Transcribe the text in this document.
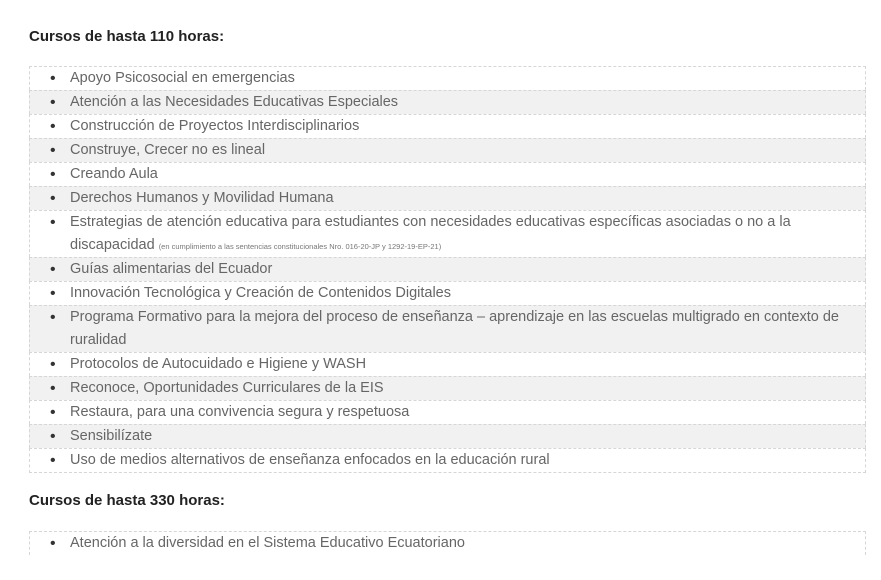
Cursos de hasta 110 horas:
• Apoyo Psicosocial en emergencias
• Atención a las Necesidades Educativas Especiales
• Construcción de Proyectos Interdisciplinarios
• Construye, Crecer no es lineal
• Creando Aula
• Derechos Humanos y Movilidad Humana
• Estrategias de atención educativa para estudiantes con necesidades educativas específicas asociadas o no a la discapacidad (en cumplimiento a las sentencias constitucionales Nro. 016-20-JP y 1292-19-EP-21)
• Guías alimentarias del Ecuador
• Innovación Tecnológica y Creación de Contenidos Digitales
• Programa Formativo para la mejora del proceso de enseñanza – aprendizaje en las escuelas multigrado en contexto de ruralidad
• Protocolos de Autocuidado e Higiene y WASH
• Reconoce, Oportunidades Curriculares de la EIS
• Restaura, para una convivencia segura y respetuosa
• Sensibilízate
• Uso de medios alternativos de enseñanza enfocados en la educación rural
Cursos de hasta 330 horas:
• Atención a la diversidad en el Sistema Educativo Ecuatoriano
